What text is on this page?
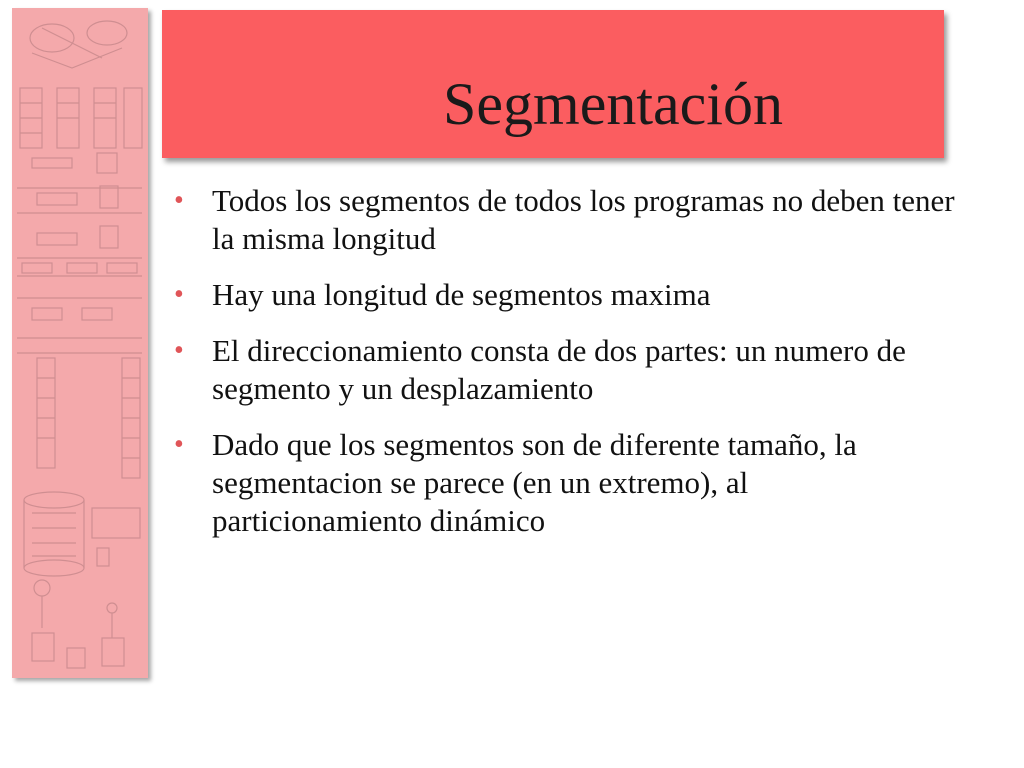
Segmentación
• Todos los segmentos de todos los programas no deben tener la misma longitud
• Hay una longitud de segmentos maxima
• El direccionamiento consta de dos partes: un numero de segmento y un desplazamiento
• Dado que los segmentos son de diferente tamaño, la segmentacion se parece (en un extremo), al particionamiento dinámico
